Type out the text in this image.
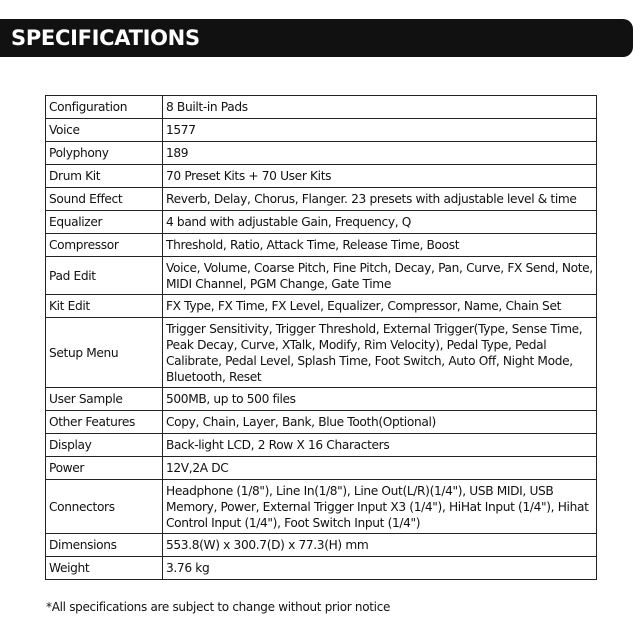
SPECIFICATIONS
Configuration	8 Built-in Pads
Voice	1577
Polyphony	189
Drum Kit	70 Preset Kits + 70 User Kits
Sound Effect	Reverb, Delay, Chorus, Flanger. 23 presets with adjustable level & time
Equalizer	4 band with adjustable Gain, Frequency, Q
Compressor	Threshold, Ratio, Attack Time, Release Time, Boost
Pad Edit	Voice, Volume, Coarse Pitch, Fine Pitch, Decay, Pan, Curve, FX Send, Note, MIDI Channel, PGM Change, Gate Time
Kit Edit	FX Type, FX Time, FX Level, Equalizer, Compressor, Name, Chain Set
Setup Menu	Trigger Sensitivity, Trigger Threshold, External Trigger(Type, Sense Time, Peak Decay, Curve, XTalk, Modify, Rim Velocity), Pedal Type, Pedal Calibrate, Pedal Level, Splash Time, Foot Switch, Auto Off, Night Mode, Bluetooth, Reset
User Sample	500MB, up to 500 files
Other Features	Copy, Chain, Layer, Bank, Blue Tooth(Optional)
Display	Back-light LCD, 2 Row X 16 Characters
Power	12V,2A DC
Connectors	Headphone (1/8"), Line In(1/8"), Line Out(L/R)(1/4"), USB MIDI, USB Memory, Power, External Trigger Input X3 (1/4"), HiHat Input (1/4"), Hihat Control Input (1/4"), Foot Switch Input (1/4")
Dimensions	553.8(W) x 300.7(D) x 77.3(H) mm
Weight	3.76 kg
*All specifications are subject to change without prior notice
